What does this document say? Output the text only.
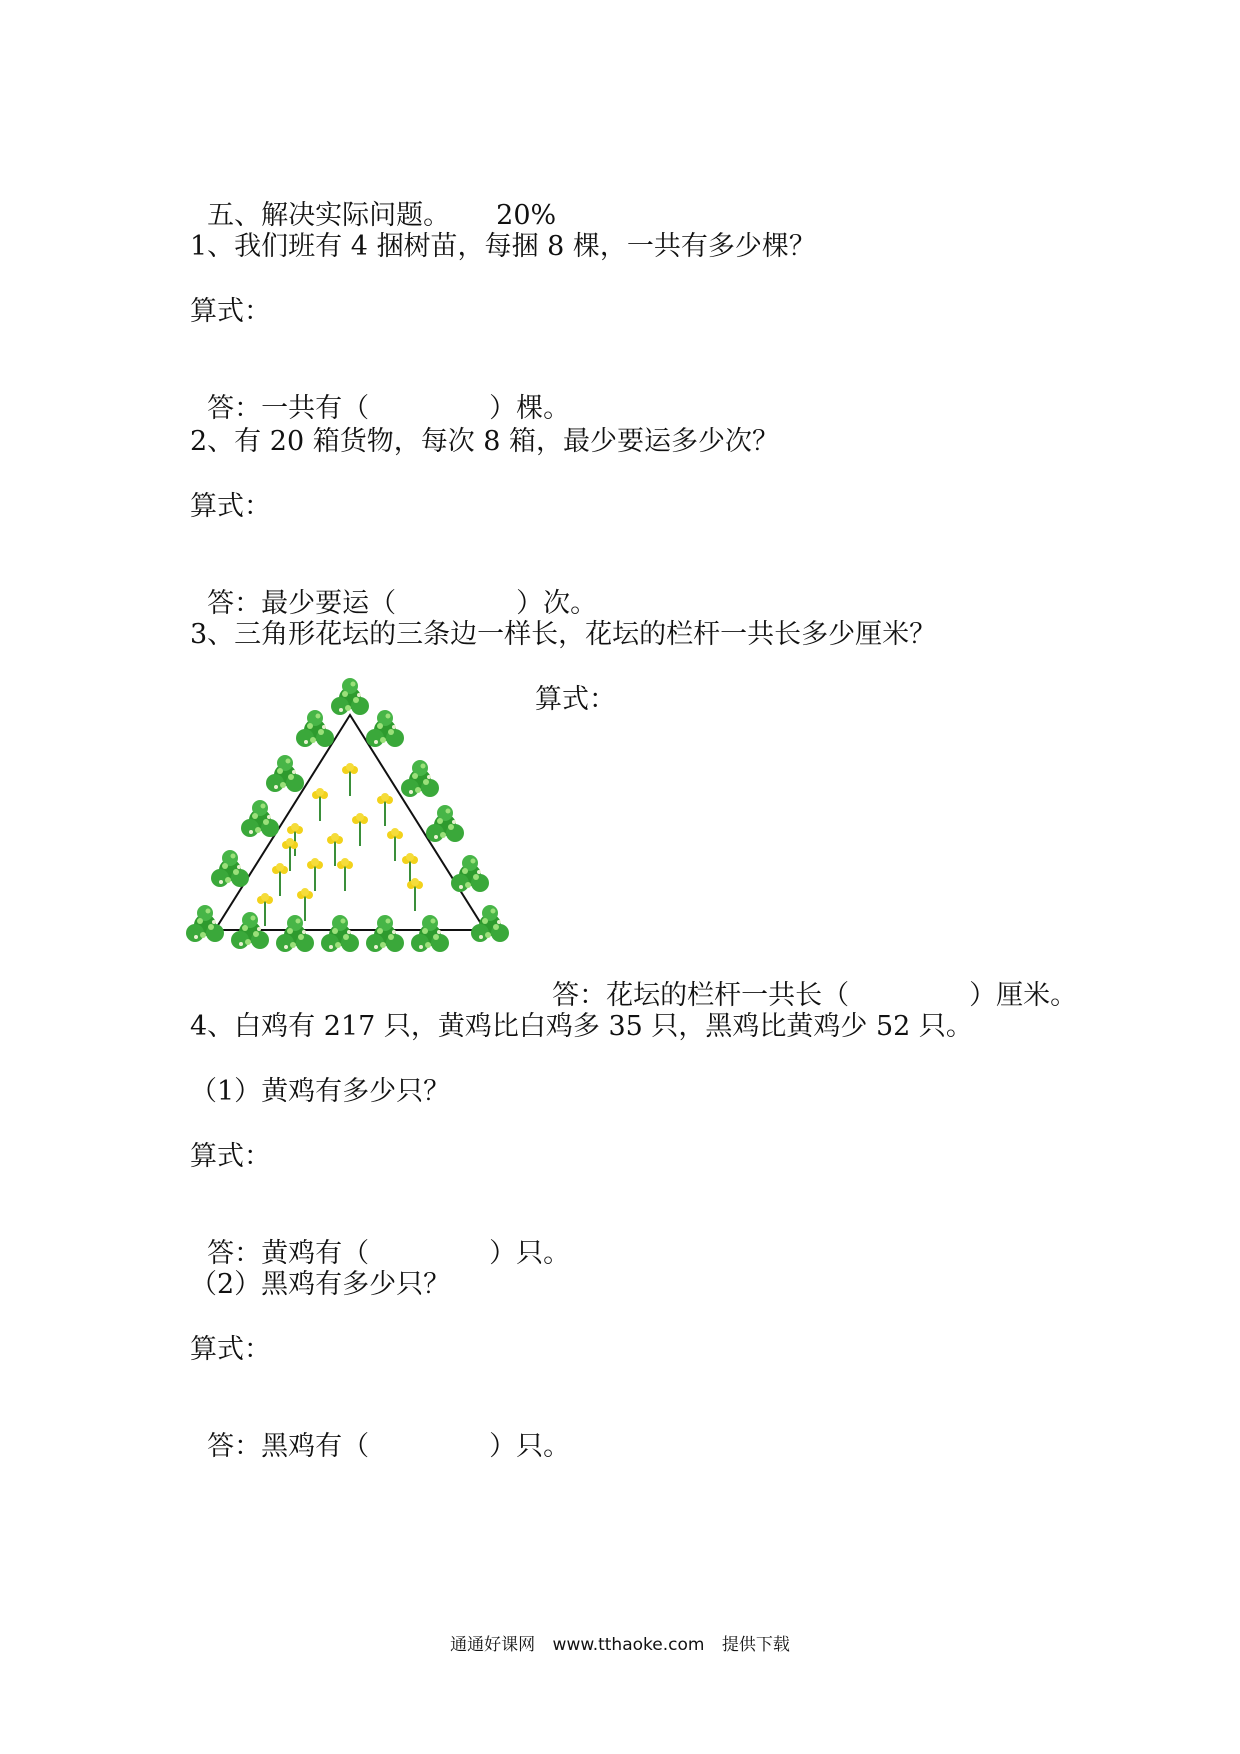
五、解决实际问题。 20%

1、我们班有 4 捆树苗，每捆 8 棵，一共有多少棵？
算式：

答：一共有（	）棵。

2、有 20 箱货物，每次 8 箱，最少要运多少次？
算式：

答：最少要运（	）次。

3、三角形花坛的三条边一样长，花坛的栏杆一共长多少厘米？
算式：

答：花坛的栏杆一共长（	）厘米。

4、白鸡有 217 只，黄鸡比白鸡多 35 只，黑鸡比黄鸡少 52 只。
（1）黄鸡有多少只？
算式：

答：黄鸡有（	）只。

（2）黑鸡有多少只？
算式：

答：黑鸡有（	）只。

通通好课网 www.tthaoke.com 提供下载
